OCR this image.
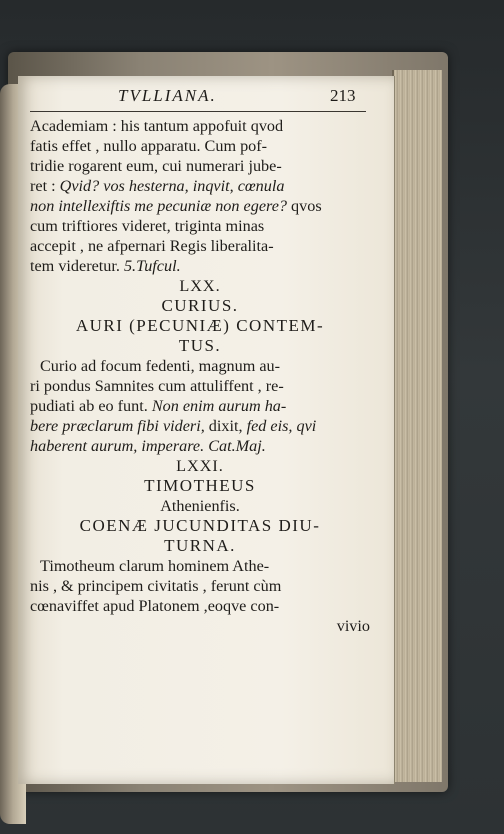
TVLLIANA.	213
Academiam : his tantum appofuit qvod
fatis effet , nullo apparatu. Cum pof-
tridie rogarent eum, cui numerari jube-
ret : Qvid? vos hesterna, inqvit, cœnula
non intellexiftis me pecuniæ non egere? qvos
cum triftiores videret, triginta minas
accepit , ne afpernari Regis liberalita-
tem videretur. 5.Tufcul.
LXX.
CURIUS.
AURI (PECUNIÆ) CONTEM-
TUS.
Curio ad focum fedenti, magnum au-
ri pondus Samnites cum attuliffent , re-
pudiati ab eo funt. Non enim aurum ha-
bere præclarum fibi videri, dixit, fed eis, qvi
haberent aurum, imperare. Cat.Maj.
LXXI.
TIMOTHEUS
Athenienfis.
COENÆ JUCUNDITAS DIU-
TURNA.
Timotheum clarum hominem Athe-
nis , & principem civitatis , ferunt cùm
cœnaviffet apud Platonem ,eoqve con-
vivio
